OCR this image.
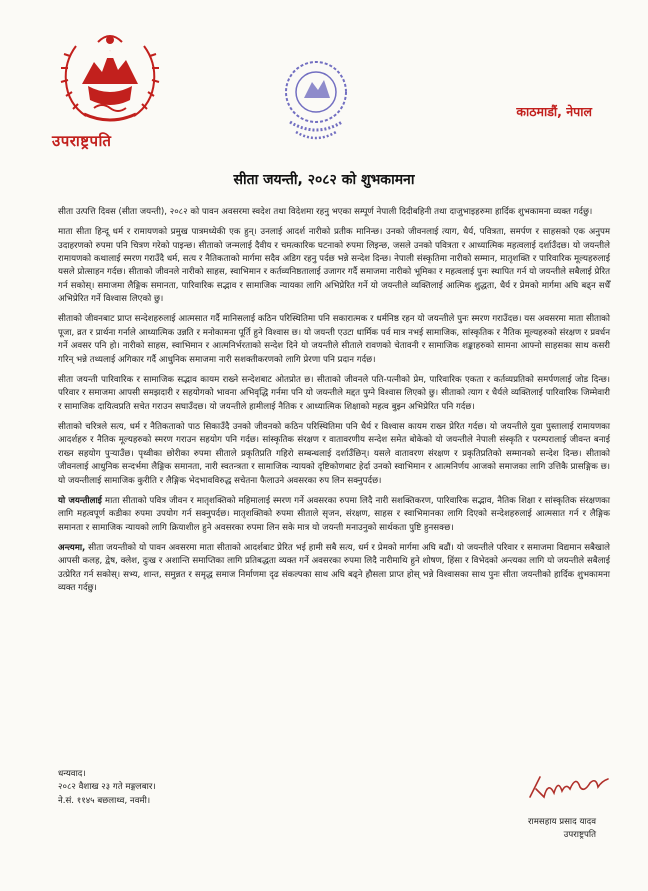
उपराष्ट्रपति
काठमाडौं, नेपाल
सीता जयन्ती, २०८२ को शुभकामना

सीता उत्पत्ति दिवस (सीता जयन्ती), २०८२ को पावन अवसरमा स्वदेश तथा विदेशमा रहनु भएका सम्पूर्ण नेपाली दिदीबहिनी तथा दाजुभाइहरुमा हार्दिक शुभकामना व्यक्त गर्दछु।

माता सीता हिन्दू धर्म र रामायणको प्रमुख पात्रमध्येकी एक हुन्। उनलाई आदर्श नारीको प्रतीक मानिन्छ। उनको जीवनलाई त्याग, धैर्य, पवित्रता, समर्पण र साहसको एक अनुपम उदाहरणको रुपमा पनि चित्रण गरेको पाइन्छ। सीताको जन्मलाई दैवीय र चमत्कारिक घटनाको रुपमा लिइन्छ, जसले उनको पवित्रता र आध्यात्मिक महत्वलाई दर्शाउँदछ। यो जयन्तीले रामायणको कथालाई स्मरण गराउँदै धर्म, सत्य र नैतिकताको मार्गमा सदैव अडिग रहनु पर्दछ भन्ने सन्देश दिन्छ। नेपाली संस्कृतिमा नारीको सम्मान, मातृशक्ति र पारिवारिक मूल्यहरुलाई यसले प्रोत्साहन गर्दछ। सीताको जीवनले नारीको साहस, स्वाभिमान र कर्तव्यनिष्ठतालाई उजागर गर्दै समाजमा नारीको भूमिका र महत्वलाई पुनः स्थापित गर्न यो जयन्तीले सबैलाई प्रेरित गर्न सकोस्। समाजमा लैङ्गिक समानता, पारिवारिक सद्भाव र सामाजिक न्यायका लागि अभिप्रेरित गर्ने यो जयन्तीले व्यक्तिलाई आत्मिक शुद्धता, धैर्य र प्रेमको मार्गमा अघि बढ्न सधैँ अभिप्रेरित गर्ने विश्वास लिएको छु।

सीताको जीवनबाट प्राप्त सन्देशहरुलाई आत्मसात गर्दै मानिसलाई कठिन परिस्थितिमा पनि सकारात्मक र धर्मनिष्ठ रहन यो जयन्तीले पुनः स्मरण गराउँदछ। यस अवसरमा माता सीताको पूजा, व्रत र प्रार्थना गर्नाले आध्यात्मिक उन्नति र मनोकामना पूर्ति हुने विश्वास छ। यो जयन्ती एउटा धार्मिक पर्व मात्र नभई सामाजिक, सांस्कृतिक र नैतिक मूल्यहरुको संरक्षण र प्रवर्धन गर्ने अवसर पनि हो। नारीको साहस, स्वाभिमान र आत्मनिर्भरताको सन्देश दिने यो जयन्तीले सीताले रावणको चेतावनी र सामाजिक शङ्काहरुको सामना आफ्नो साहसका साथ कसरी गरिन् भन्ने तथ्यलाई अगिकार गर्दै आधुनिक समाजमा नारी सशक्तीकरणको लागि प्रेरणा पनि प्रदान गर्दछ।

सीता जयन्ती पारिवारिक र सामाजिक सद्भाव कायम राख्ने सन्देशबाट ओतप्रोत छ। सीताको जीवनले पति-पत्नीको प्रेम, पारिवारिक एकता र कर्तव्यप्रतिको समर्पणलाई जोड दिन्छ। परिवार र समाजमा आपसी समझदारी र सहयोगको भावना अभिवृद्धि गर्नमा पनि यो जयन्तीले मद्दत पुग्ने विश्वास लिएको छु। सीताको त्याग र धैर्यले व्यक्तिलाई पारिवारिक जिम्मेवारी र सामाजिक दायित्वप्रति सचेत गराउन सघाउँदछ। यो जयन्तीले हामीलाई नैतिक र आध्यात्मिक शिक्षाको महत्व बुझ्न अभिप्रेरित पनि गर्दछ।

सीताको चरित्रले सत्य, धर्म र नैतिकताको पाठ सिकाउँदै उनको जीवनको कठिन परिस्थितिमा पनि धैर्य र विश्वास कायम राख्न प्रेरित गर्दछ। यो जयन्तीले युवा पुस्तालाई रामायणका आदर्शहरु र नैतिक मूल्यहरुको स्मरण गराउन सहयोग पनि गर्दछ। सांस्कृतिक संरक्षण र वातावरणीय सन्देश समेत बोकेको यो जयन्तीले नेपाली संस्कृति र परम्परालाई जीवन्त बनाई राख्न सहयोग पुर्‍याउँछ। पृथ्वीका छोरीका रुपमा सीताले प्रकृतिप्रति गहिरो सम्बन्धलाई दर्शाउँछिन्। यसले वातावरण संरक्षण र प्रकृतिप्रतिको सम्मानको सन्देश दिन्छ। सीताको जीवनलाई आधुनिक सन्दर्भमा लैङ्गिक समानता, नारी स्वतन्त्रता र सामाजिक न्यायको दृष्टिकोणबाट हेर्दा उनको स्वाभिमान र आत्मनिर्णय आजको समाजका लागि उत्तिकै प्रासङ्गिक छ। यो जयन्तीलाई सामाजिक कुरीति र लैङ्गिक भेदभावविरुद्ध सचेतना फैलाउने अवसरका रुप लिन सक्नुपर्दछ।

यो जयन्तीलाई माता सीताको पवित्र जीवन र मातृशक्तिको महिमालाई स्मरण गर्ने अवसरका रुपमा लिदै नारी सशक्तिकरण, पारिवारिक सद्भाव, नैतिक शिक्षा र सांस्कृतिक संरक्षणका लागि महत्वपूर्ण कडीका रुपमा उपयोग गर्न सक्नुपर्दछ। मातृशक्तिको रुपमा सीताले सृजन, संरक्षण, साहस र स्वाभिमानका लागि दिएको सन्देशहरुलाई आत्मसात गर्न र लैङ्गिक समानता र सामाजिक न्यायको लागि क्रियाशील हुने अवसरका रुपमा लिन सके मात्र यो जयन्ती मनाउनुको सार्थकता पुष्टि हुनसक्छ।

अन्त्यमा, सीता जयन्तीको यो पावन अवसरमा माता सीताको आदर्शबाट प्रेरित भई हामी सबै सत्य, धर्म र प्रेमको मार्गमा अघि बढौं। यो जयन्तीले परिवार र समाजमा विद्यमान सबैखाले आपसी कलह, द्वेष, क्लेश, दुःख र अशान्ति समाप्तिका लागि प्रतिबद्धता व्यक्त गर्ने अवसरका रुपमा लिदै नारीमाथि हुने शोषण, हिंसा र विभेदको अन्त्यका लागि यो जयन्तीले सबैलाई उत्प्रेरित गर्न सकोस्। सभ्य, शान्त, समुन्नत र समृद्ध समाज निर्माणमा दृढ संकल्पका साथ अघि बढ्ने हौसला प्राप्त होस् भन्ने विश्वासका साथ पुनः सीता जयन्तीको हार्दिक शुभकामना व्यक्त गर्दछु।

धन्यवाद।
२०८२ वैशाख २३ गते मङ्गलबार।
ने.सं. ११४५ बछलाथ्व, नवमी।
रामसहाय प्रसाद यादव
उपराष्ट्रपति
